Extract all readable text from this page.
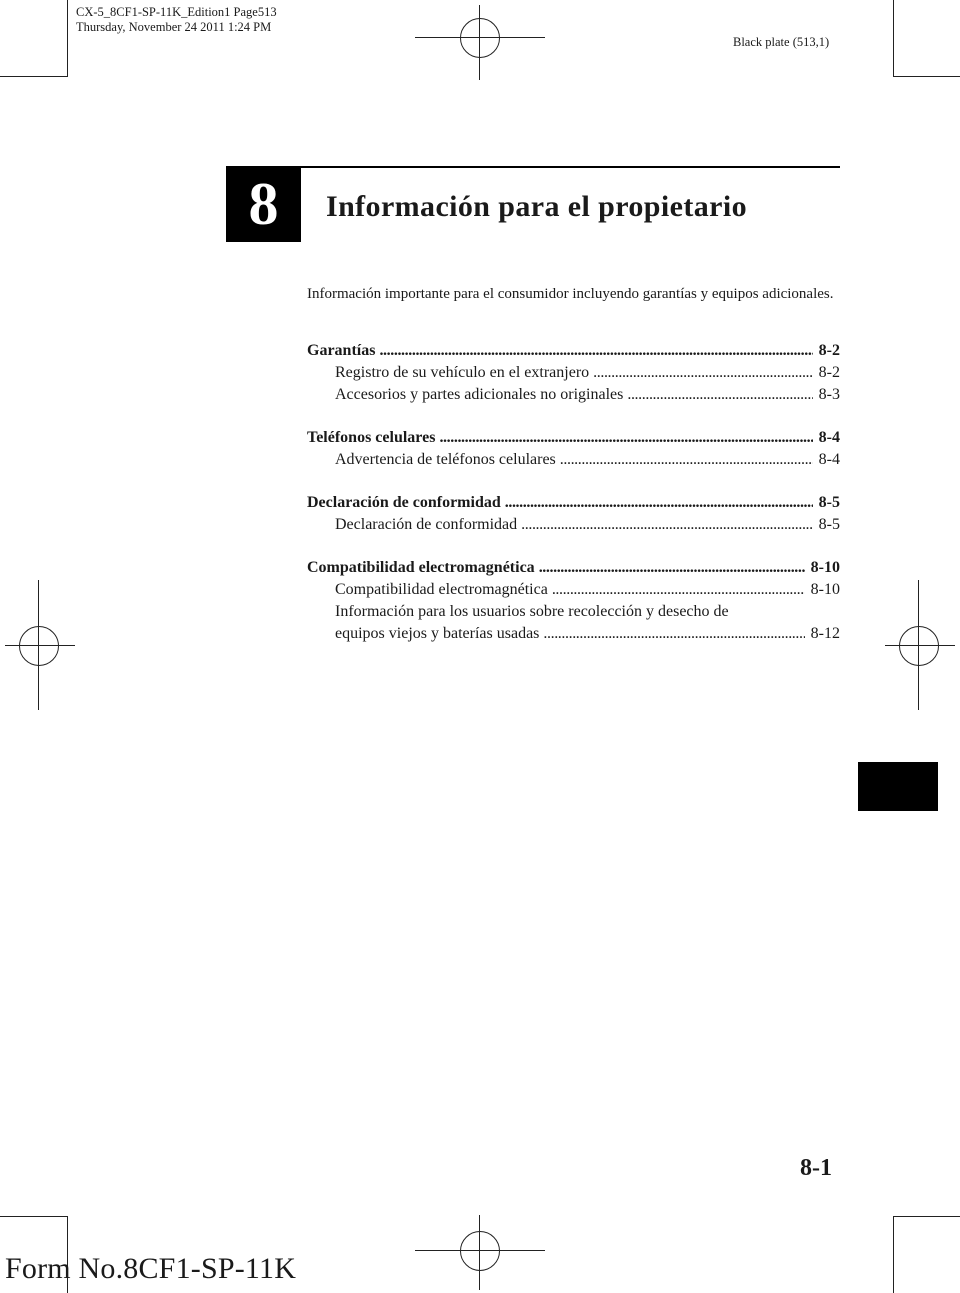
CX-5_8CF1-SP-11K_Edition1 Page513
Thursday, November 24 2011 1:24 PM
Black plate (513,1)
8	Información para el propietario
Información importante para el consumidor incluyendo garantías y equipos adicionales.
Garantías . . .	8-2
Registro de su vehículo en el extranjero . . .	8-2
Accesorios y partes adicionales no originales . . .	8-3
Teléfonos celulares . . .	8-4
Advertencia de teléfonos celulares . . .	8-4
Declaración de conformidad . . .	8-5
Declaración de conformidad . . .	8-5
Compatibilidad electromagnética . . .	8-10
Compatibilidad electromagnética . . .	8-10
Información para los usuarios sobre recolección y desecho de
equipos viejos y baterías usadas . . .	8-12
8-1
Form No.8CF1-SP-11K
